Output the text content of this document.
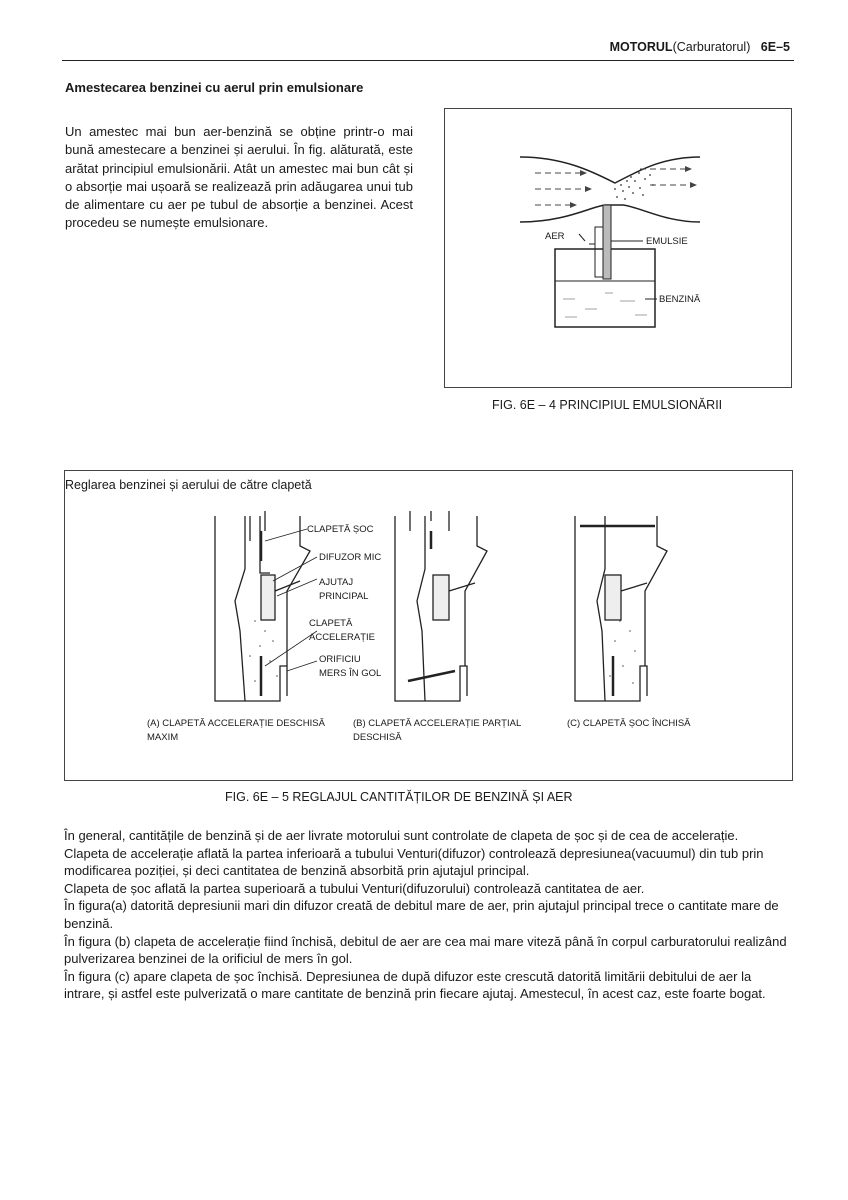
MOTORUL(Carburatorul) 6E–5
Amestecarea benzinei cu aerul prin emulsionare
Un amestec mai bun aer-benzină se obține printr-o mai bună amestecare a benzinei și aerului. În fig. alăturată, este arătat principiul emulsionării. Atât un amestec mai bun cât și o absorție mai ușoară se realizează prin adăugarea unui tub de alimentare cu aer pe tubul de absorție a benzinei. Acest procedeu se numește emulsionare.
AER	EMULSIE
BENZINĂ
FIG. 6E – 4 PRINCIPIUL EMULSIONĂRII
CLAPETĂ ȘOC
DIFUZOR MIC
AJUTAJ
PRINCIPAL
CLAPETĂ
ACCELERAȚIE
ORIFICIU
MERS ÎN GOL
Reglarea benzinei și aerului de către clapetă
(A) CLAPETĂ ACCELERAȚIE DESCHISĂ
MAXIM
(B) CLAPETĂ ACCELERAȚIE PARȚIAL
DESCHISĂ
(C) CLAPETĂ ȘOC ÎNCHISĂ
FIG. 6E – 5 REGLAJUL CANTITĂȚILOR DE BENZINĂ ȘI AER

În general, cantitățile de benzină și de aer livrate motorului sunt controlate de clapeta de șoc și de cea de accelerație.

Clapeta de accelerație aflată la partea inferioară a tubului Venturi(difuzor) controlează depresiunea(vacuumul) din tub prin modificarea poziției, și deci cantitatea de benzină absorbită prin ajutajul principal.

Clapeta de șoc aflată la partea superioară a tubului Venturi(difuzorului) controlează cantitatea de aer.

În figura(a) datorită depresiunii mari din difuzor creată de debitul mare de aer, prin ajutajul principal trece o cantitate mare de benzină.

În figura (b) clapeta de accelerație fiind închisă, debitul de aer are cea mai mare viteză până în corpul carburatorului realizând pulverizarea benzinei de la orificiul de mers în gol.

În figura (c) apare clapeta de șoc închisă. Depresiunea de după difuzor este crescută datorită limitării debitului de aer la intrare, și astfel este pulverizată o mare cantitate de benzină prin fiecare ajutaj. Amestecul, în acest caz, este foarte bogat.
